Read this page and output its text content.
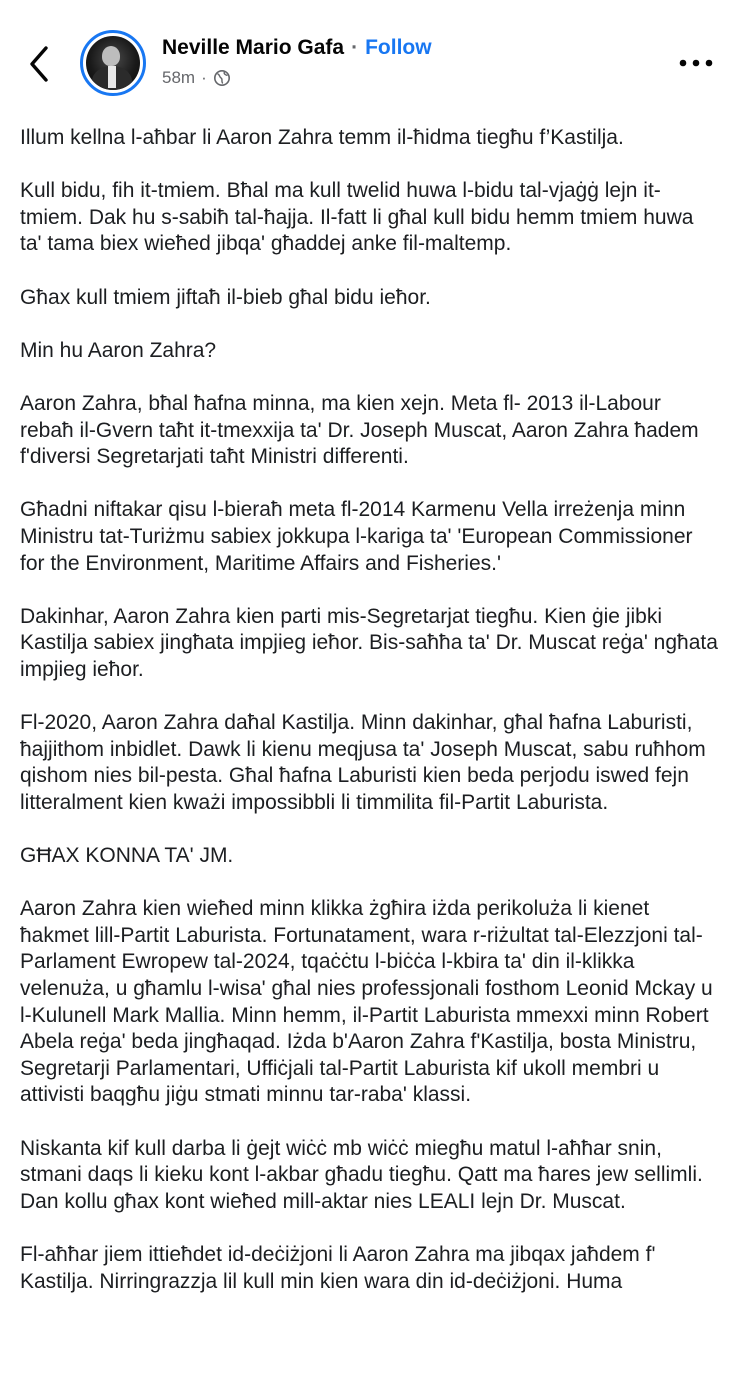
Neville Mario Gafa · Follow
58m ·

Illum kellna l-aħbar li Aaron Zahra temm il-ħidma tiegħu f’Kastilja.

Kull bidu, fih it-tmiem. Bħal ma kull twelid huwa l-bidu tal-vjaġġ lejn it-tmiem. Dak hu s-sabiħ tal-ħajja. Il-fatt li għal kull bidu hemm tmiem huwa ta' tama biex wieħed jibqa' għaddej anke fil-maltemp.

Għax kull tmiem jiftaħ il-bieb għal bidu ieħor.

Min hu Aaron Zahra?

Aaron Zahra, bħal ħafna minna, ma kien xejn. Meta fl- 2013 il-Labour rebaħ il-Gvern taħt it-tmexxija ta' Dr. Joseph Muscat, Aaron Zahra ħadem f'diversi Segretarjati taħt Ministri differenti.

Għadni niftakar qisu l-bieraħ meta fl-2014 Karmenu Vella irreżenja minn Ministru tat-Turiżmu sabiex jokkupa l-kariga ta' 'European Commissioner for the Environment, Maritime Affairs and Fisheries.'

Dakinhar, Aaron Zahra kien parti mis-Segretarjat tiegħu. Kien ġie jibki Kastilja sabiex jingħata impjieg ieħor. Bis-saħħa ta' Dr. Muscat reġa' ngħata impjieg ieħor.

Fl-2020, Aaron Zahra daħal Kastilja. Minn dakinhar, għal ħafna Laburisti, ħajjithom inbidlet. Dawk li kienu meqjusa ta' Joseph Muscat, sabu ruħhom qishom nies bil-pesta. Għal ħafna Laburisti kien beda perjodu iswed fejn litteralment kien kważi impossibbli li timmilita fil-Partit Laburista.

GĦAX KONNA TA' JM.

Aaron Zahra kien wieħed minn klikka żgħira iżda perikoluża li kienet ħakmet lill-Partit Laburista. Fortunatament, wara r-riżultat tal-Elezzjoni tal-Parlament Ewropew tal-2024, tqaċċtu l-biċċa l-kbira ta' din il-klikka velenuża, u għamlu l-wisa' għal nies professjonali fosthom Leonid Mckay u l-Kulunell Mark Mallia. Minn hemm, il-Partit Laburista mmexxi minn Robert Abela reġa' beda jingħaqad. Iżda b'Aaron Zahra f'Kastilja, bosta Ministru, Segretarji Parlamentari, Uffiċjali tal-Partit Laburista kif ukoll membri u attivisti baqgħu jiġu stmati minnu tar-raba' klassi.

Niskanta kif kull darba li ġejt wiċċ mb wiċċ miegħu matul l-aħħar snin, stmani daqs li kieku kont l-akbar għadu tiegħu. Qatt ma ħares jew sellimli. Dan kollu għax kont wieħed mill-aktar nies LEALI lejn Dr. Muscat.

Fl-aħħar jiem ittieħdet id-deċiżjoni li Aaron Zahra ma jibqax jaħdem f' Kastilja. Nirringrazzja lil kull min kien wara din id-deċiżjoni. Huma
